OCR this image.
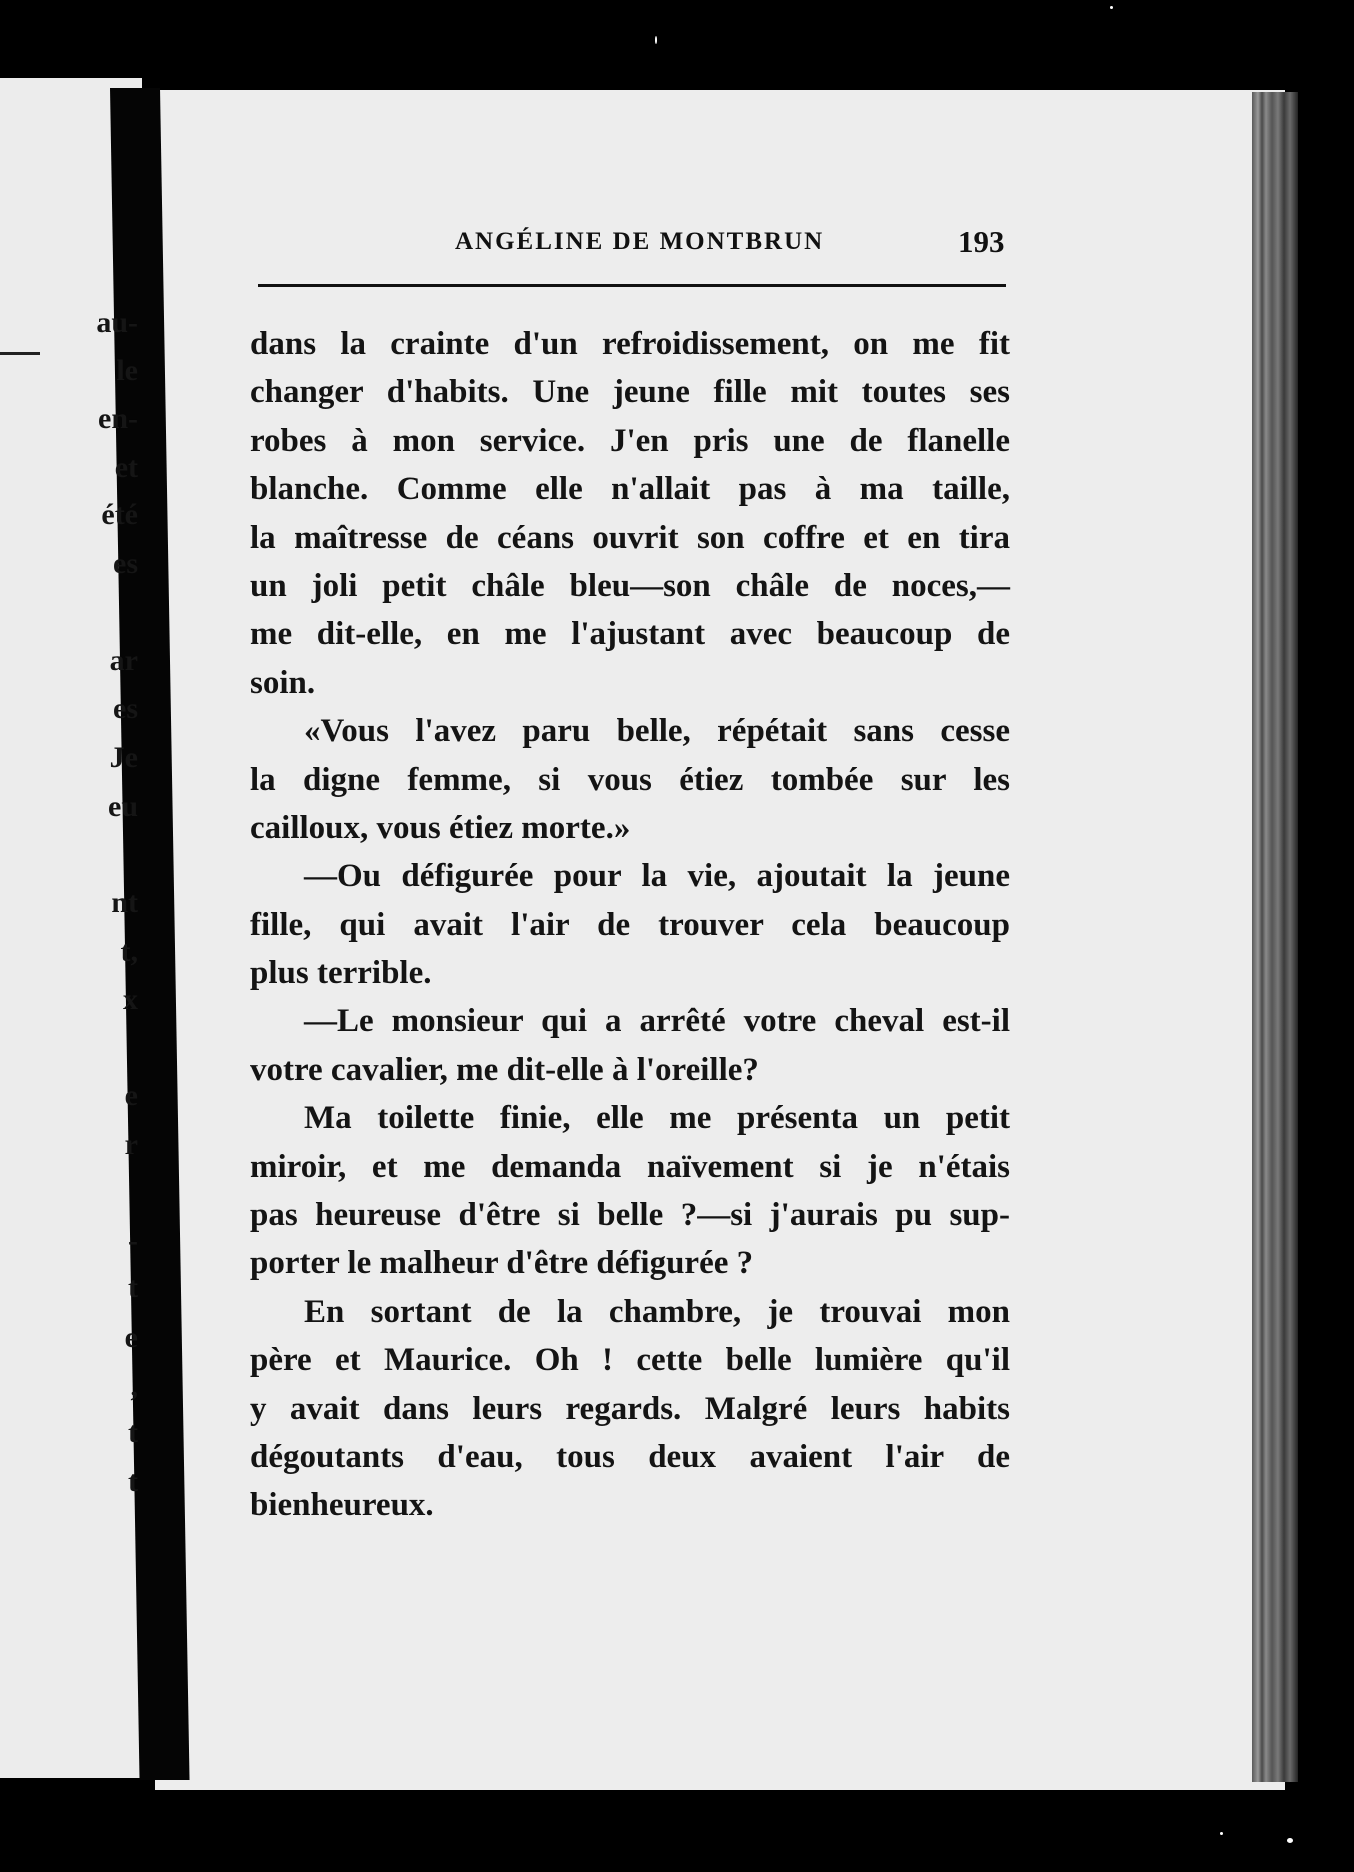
ANGÉLINE DE MONTBRUN	193
dans la crainte d'un refroidissement, on me fit
changer d'habits. Une jeune fille mit toutes ses
robes à mon service. J'en pris une de flanelle
blanche. Comme elle n'allait pas à ma taille,
la maîtresse de céans ouvrit son coffre et en tira
un joli petit châle bleu—son châle de noces,—
me dit-elle, en me l'ajustant avec beaucoup de
soin.
«Vous l'avez paru belle, répétait sans cesse
la digne femme, si vous étiez tombée sur les
cailloux, vous étiez morte.»
—Ou défigurée pour la vie, ajoutait la jeune
fille, qui avait l'air de trouver cela beaucoup
plus terrible.
—Le monsieur qui a arrêté votre cheval est-il
votre cavalier, me dit-elle à l'oreille?
Ma toilette finie, elle me présenta un petit
miroir, et me demanda naïvement si je n'étais
pas heureuse d'être si belle ?—si j'aurais pu sup-
porter le malheur d'être défigurée ?
En sortant de la chambre, je trouvai mon
père et Maurice. Oh ! cette belle lumière qu'il
y avait dans leurs regards. Malgré leurs habits
dégoutants d'eau, tous deux avaient l'air de
bienheureux.
au-
le
en-
et
été
es
ar
es
Je
eu
nt
t,
x
e
r
-
t
e
,
t
t
